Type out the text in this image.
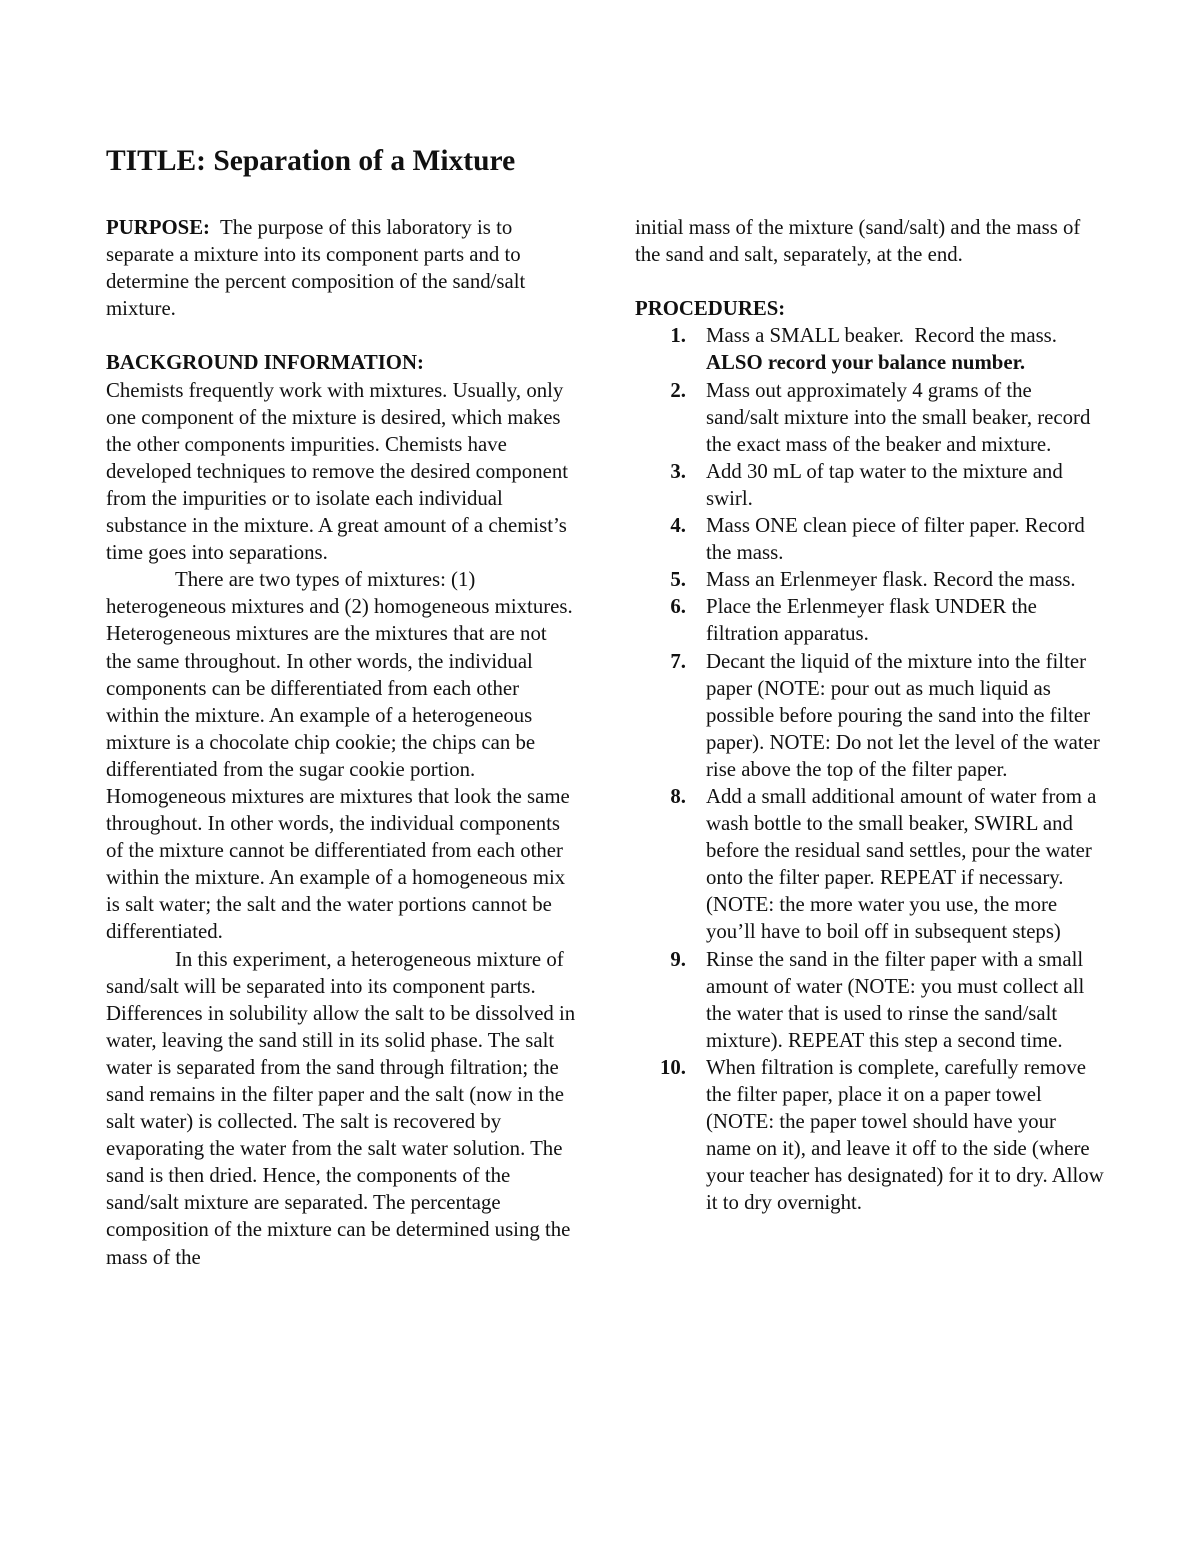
TITLE: Separation of a Mixture

PURPOSE:  The purpose of this laboratory is to separate a mixture into its component parts and to determine the percent composition of the sand/salt mixture.

BACKGROUND INFORMATION:

Chemists frequently work with mixtures. Usually, only one component of the mixture is desired, which makes the other components impurities. Chemists have developed techniques to remove the desired component from the impurities or to isolate each individual substance in the mixture. A great amount of a chemist’s time goes into separations.

There are two types of mixtures: (1) heterogeneous mixtures and (2) homogeneous mixtures. Heterogeneous mixtures are the mixtures that are not the same throughout. In other words, the individual components can be differentiated from each other within the mixture. An example of a heterogeneous mixture is a chocolate chip cookie; the chips can be differentiated from the sugar cookie portion. Homogeneous mixtures are mixtures that look the same throughout. In other words, the individual components of the mixture cannot be differentiated from each other within the mixture. An example of a homogeneous mix is salt water; the salt and the water portions cannot be differentiated.

In this experiment, a heterogeneous mixture of sand/salt will be separated into its component parts. Differences in solubility allow the salt to be dissolved in water, leaving the sand still in its solid phase. The salt water is separated from the sand through filtration; the sand remains in the filter paper and the salt (now in the salt water) is collected. The salt is recovered by evaporating the water from the salt water solution. The sand is then dried. Hence, the components of the sand/salt mixture are separated. The percentage composition of the mixture can be determined using the mass of the

initial mass of the mixture (sand/salt) and the mass of the sand and salt, separately, at the end.

PROCEDURES:
1. Mass a SMALL beaker.  Record the mass.  ALSO record your balance number.
2. Mass out approximately 4 grams of the sand/salt mixture into the small beaker, record the exact mass of the beaker and mixture.
3. Add 30 mL of tap water to the mixture and swirl.
4. Mass ONE clean piece of filter paper. Record the mass.
5. Mass an Erlenmeyer flask. Record the mass.
6. Place the Erlenmeyer flask UNDER the filtration apparatus.
7. Decant the liquid of the mixture into the filter paper (NOTE: pour out as much liquid as possible before pouring the sand into the filter paper). NOTE: Do not let the level of the water rise above the top of the filter paper.
8. Add a small additional amount of water from a wash bottle to the small beaker, SWIRL and before the residual sand settles, pour the water onto the filter paper. REPEAT if necessary. (NOTE: the more water you use, the more you’ll have to boil off in subsequent steps)
9. Rinse the sand in the filter paper with a small amount of water (NOTE: you must collect all the water that is used to rinse the sand/salt mixture). REPEAT this step a second time.
10. When filtration is complete, carefully remove the filter paper, place it on a paper towel (NOTE: the paper towel should have your name on it), and leave it off to the side (where your teacher has designated) for it to dry. Allow it to dry overnight.
